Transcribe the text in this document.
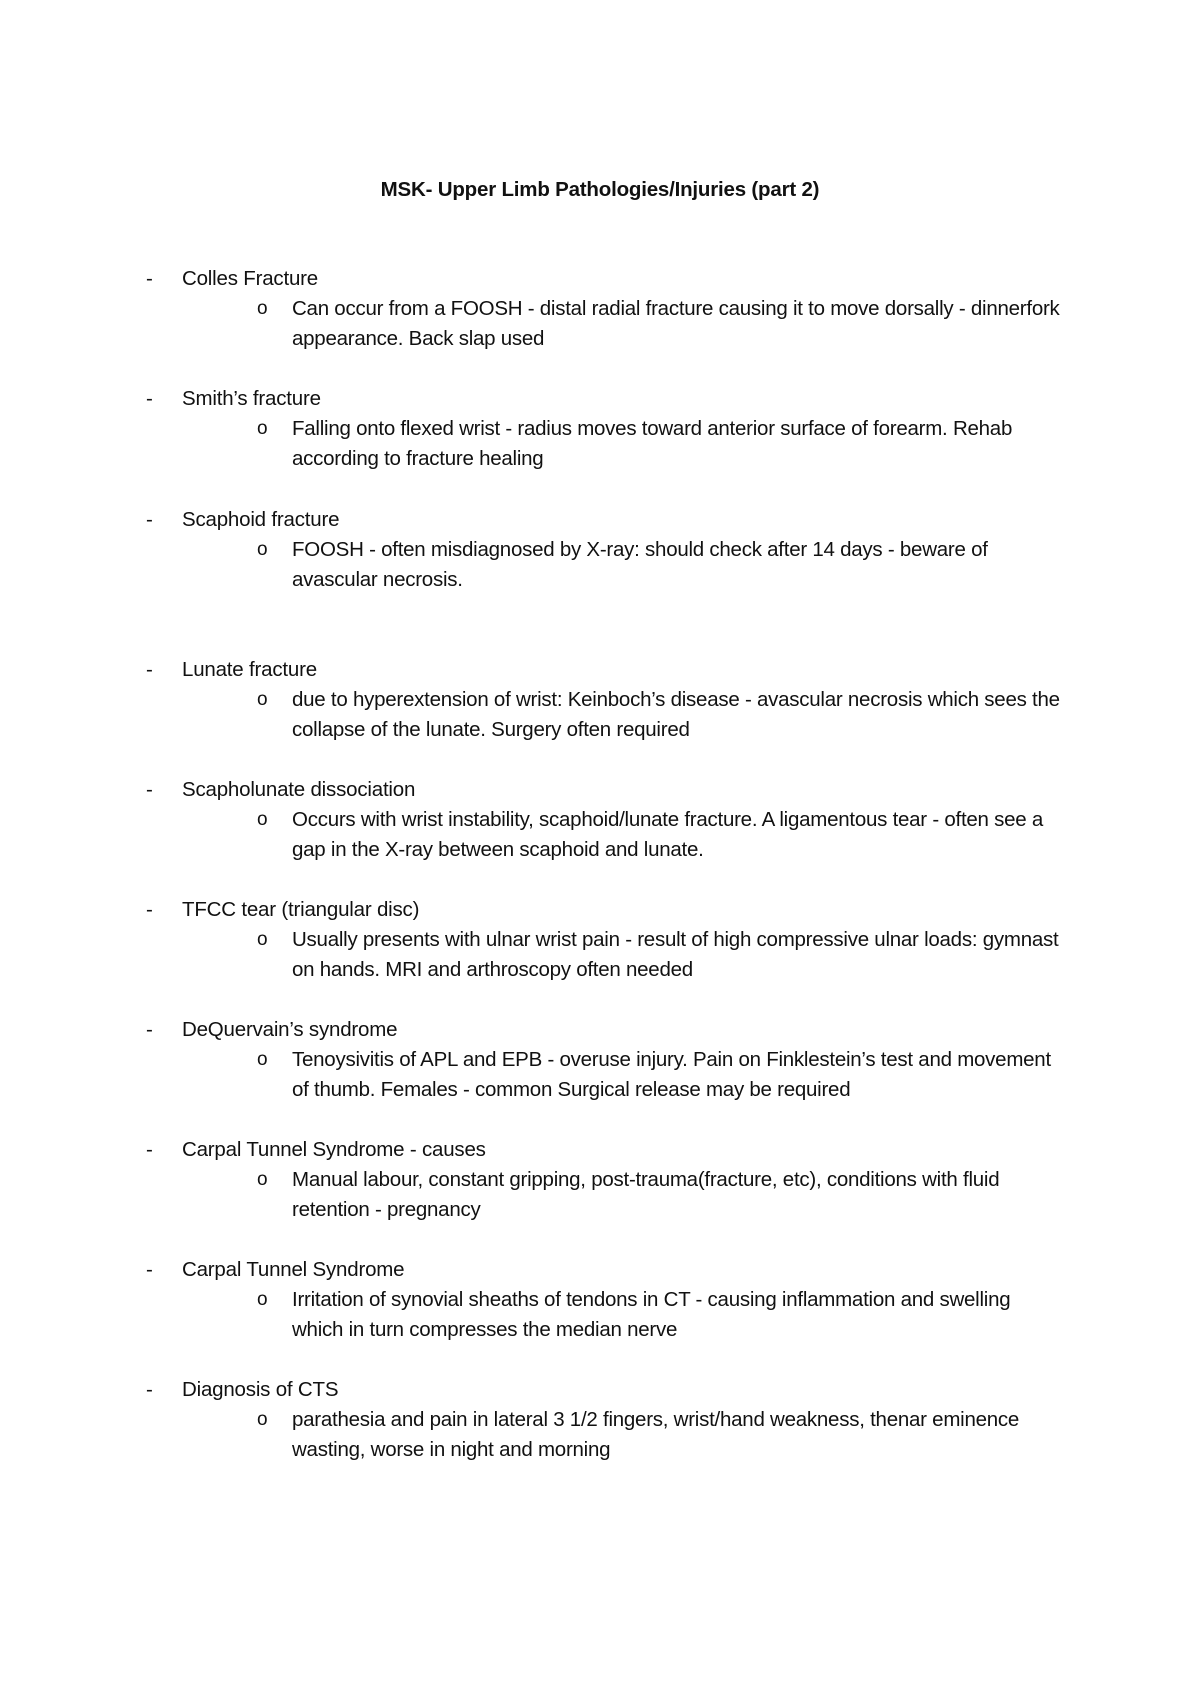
MSK- Upper Limb Pathologies/Injuries (part 2)
- Colles Fracture
o Can occur from a FOOSH - distal radial fracture causing it to move dorsally - dinnerfork appearance. Back slap used
- Smith’s fracture
o Falling onto flexed wrist - radius moves toward anterior surface of forearm. Rehab according to fracture healing
- Scaphoid fracture
o FOOSH - often misdiagnosed by X-ray: should check after 14 days - beware of avascular necrosis.
- Lunate fracture
o due to hyperextension of wrist: Keinboch’s disease - avascular necrosis which sees the collapse of the lunate. Surgery often required
- Scapholunate dissociation
o Occurs with wrist instability, scaphoid/lunate fracture. A ligamentous tear - often see a gap in the X-ray between scaphoid and lunate.
- TFCC tear (triangular disc)
o Usually presents with ulnar wrist pain - result of high compressive ulnar loads: gymnast on hands. MRI and arthroscopy often needed
- DeQuervain’s syndrome
o Tenoysivitis of APL and EPB - overuse injury. Pain on Finklestein’s test and movement of thumb. Females - common Surgical release may be required
- Carpal Tunnel Syndrome - causes
o Manual labour, constant gripping, post-trauma(fracture, etc), conditions with fluid retention - pregnancy
- Carpal Tunnel Syndrome
o Irritation of synovial sheaths of tendons in CT - causing inflammation and swelling which in turn compresses the median nerve
- Diagnosis of CTS
o parathesia and pain in lateral 3 1/2 fingers, wrist/hand weakness, thenar eminence wasting, worse in night and morning
